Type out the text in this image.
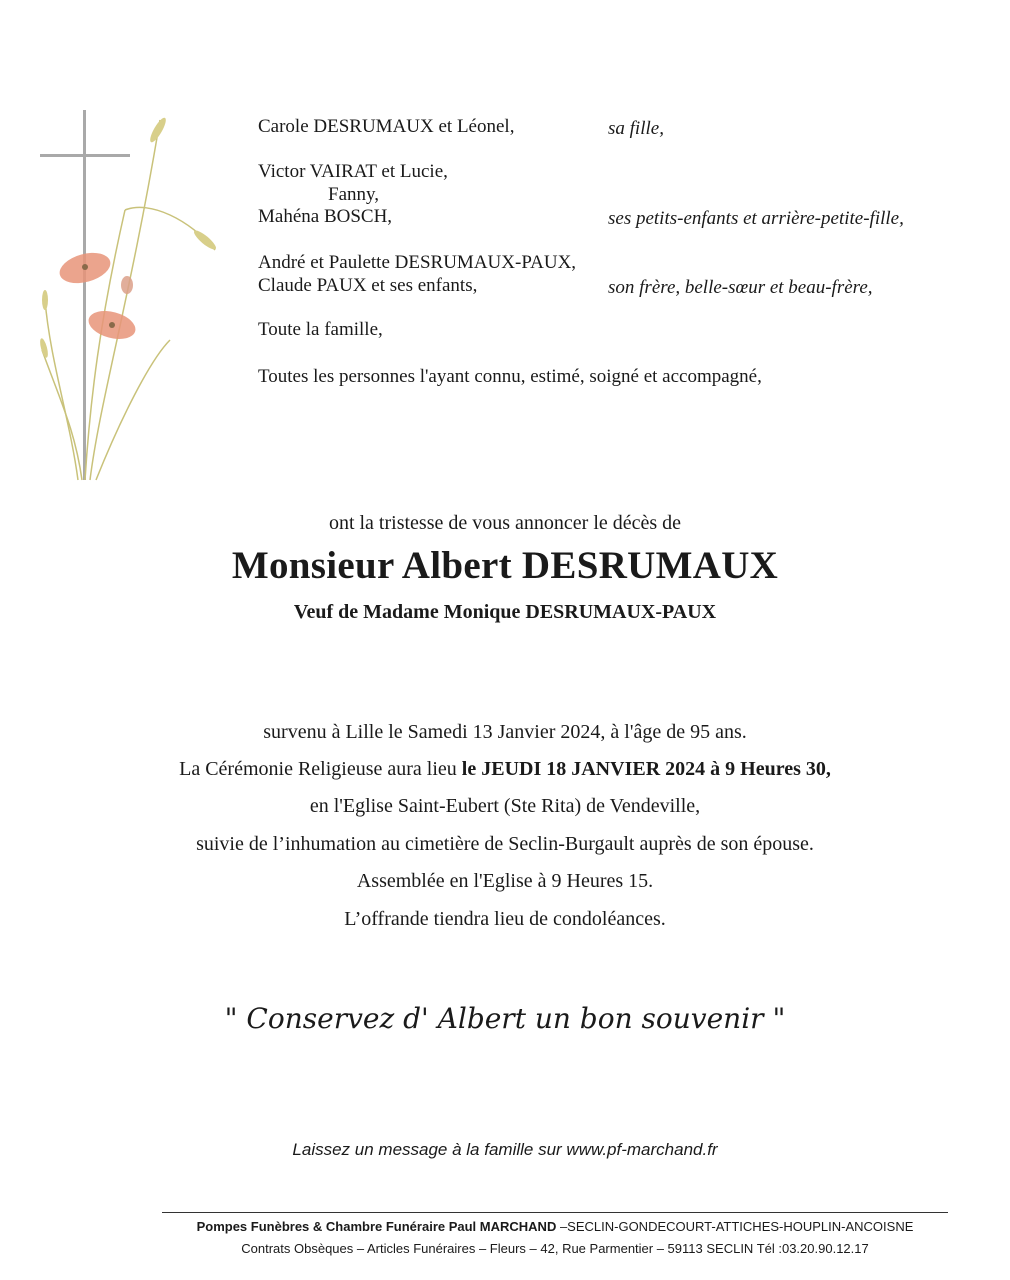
Carole DESRUMAUX et Léonel,	sa fille,
Victor VAIRAT et Lucie,
Fanny,
Mahéna BOSCH,	ses petits-enfants et arrière-petite-fille,
André et Paulette DESRUMAUX-PAUX,
Claude PAUX et ses enfants,	son frère, belle-sœur et beau-frère,
Toute la famille,
Toutes les personnes l'ayant connu, estimé, soigné et accompagné,
ont la tristesse de vous annoncer le décès de
Monsieur Albert DESRUMAUX
Veuf de Madame Monique DESRUMAUX-PAUX
survenu à Lille le Samedi 13 Janvier 2024, à l'âge de 95 ans.
La Cérémonie Religieuse aura lieu le JEUDI 18 JANVIER 2024 à 9 Heures 30,
en l'Eglise Saint-Eubert (Ste Rita) de Vendeville,
suivie de l’inhumation au cimetière de Seclin-Burgault auprès de son épouse.
Assemblée en l'Eglise à 9 Heures 15.
L’offrande tiendra lieu de condoléances.
" Conservez d' Albert un bon souvenir "
Laissez un message à la famille sur www.pf-marchand.fr
Pompes Funèbres & Chambre Funéraire Paul MARCHAND –SECLIN-GONDECOURT-ATTICHES-HOUPLIN-ANCOISNE
Contrats Obsèques – Articles Funéraires – Fleurs – 42, Rue Parmentier – 59113 SECLIN Tél :03.20.90.12.17
